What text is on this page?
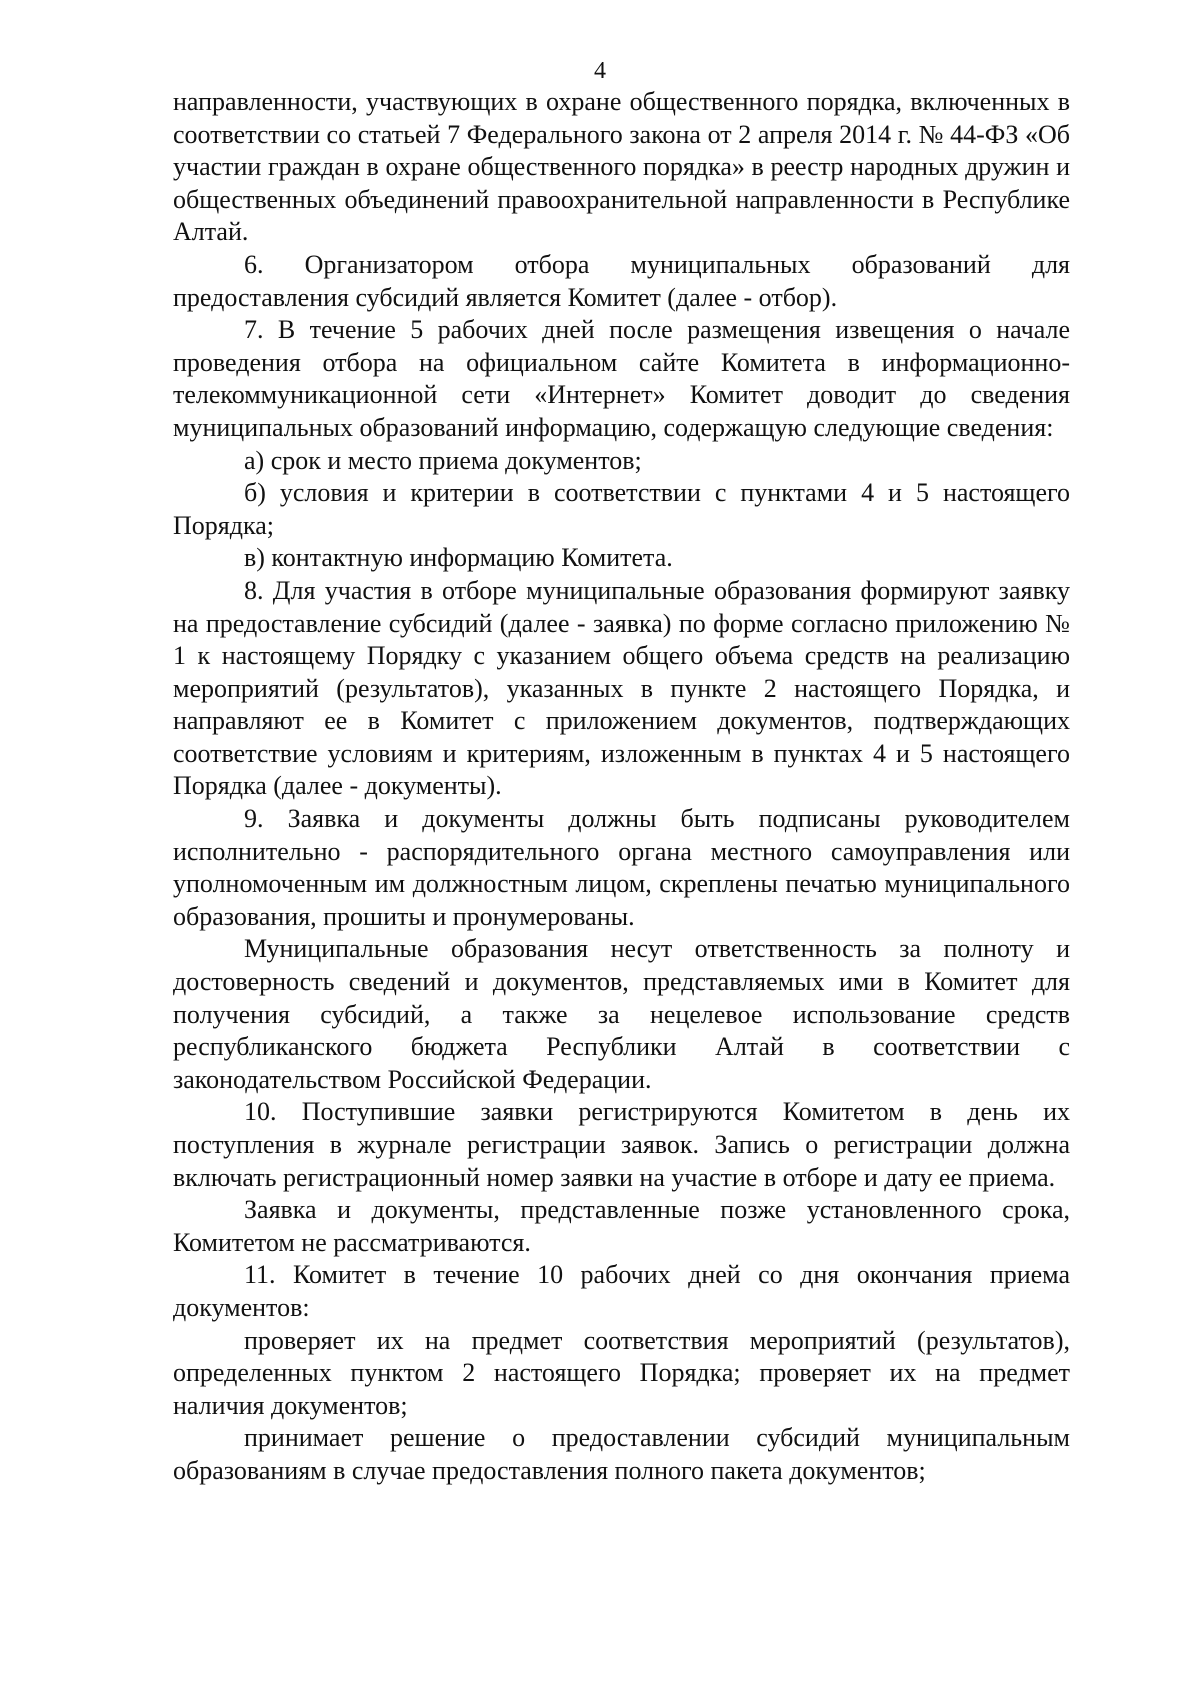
4

направленности, участвующих в охране общественного порядка, включенных в соответствии со статьей 7 Федерального закона от 2 апреля 2014 г. № 44-ФЗ «Об участии граждан в охране общественного порядка» в реестр народных дружин и общественных объединений правоохранительной направленности в Республике Алтай.

6. Организатором отбора муниципальных образований для предоставления субсидий является Комитет (далее - отбор).

7. В течение 5 рабочих дней после размещения извещения о начале проведения отбора на официальном сайте Комитета в информационно-телекоммуникационной сети «Интернет» Комитет доводит до сведения муниципальных образований информацию, содержащую следующие сведения:

а) срок и место приема документов;

б) условия и критерии в соответствии с пунктами 4 и 5 настоящего Порядка;

в) контактную информацию Комитета.

8. Для участия в отборе муниципальные образования формируют заявку на предоставление субсидий (далее - заявка) по форме согласно приложению № 1 к настоящему Порядку с указанием общего объема средств на реализацию мероприятий (результатов), указанных в пункте 2 настоящего Порядка, и направляют ее в Комитет с приложением документов, подтверждающих соответствие условиям и критериям, изложенным в пунктах 4 и 5 настоящего Порядка (далее - документы).

9. Заявка и документы должны быть подписаны руководителем исполнительно - распорядительного органа местного самоуправления или уполномоченным им должностным лицом, скреплены печатью муниципального образования, прошиты и пронумерованы.

Муниципальные образования несут ответственность за полноту и достоверность сведений и документов, представляемых ими в Комитет для получения субсидий, а также за нецелевое использование средств республиканского бюджета Республики Алтай в соответствии с законодательством Российской Федерации.

10. Поступившие заявки регистрируются Комитетом в день их поступления в журнале регистрации заявок. Запись о регистрации должна включать регистрационный номер заявки на участие в отборе и дату ее приема.

Заявка и документы, представленные позже установленного срока, Комитетом не рассматриваются.

11. Комитет в течение 10 рабочих дней со дня окончания приема документов:

проверяет их на предмет соответствия мероприятий (результатов), определенных пунктом 2 настоящего Порядка; проверяет их на предмет наличия документов;

принимает решение о предоставлении субсидий муниципальным образованиям в случае предоставления полного пакета документов;
